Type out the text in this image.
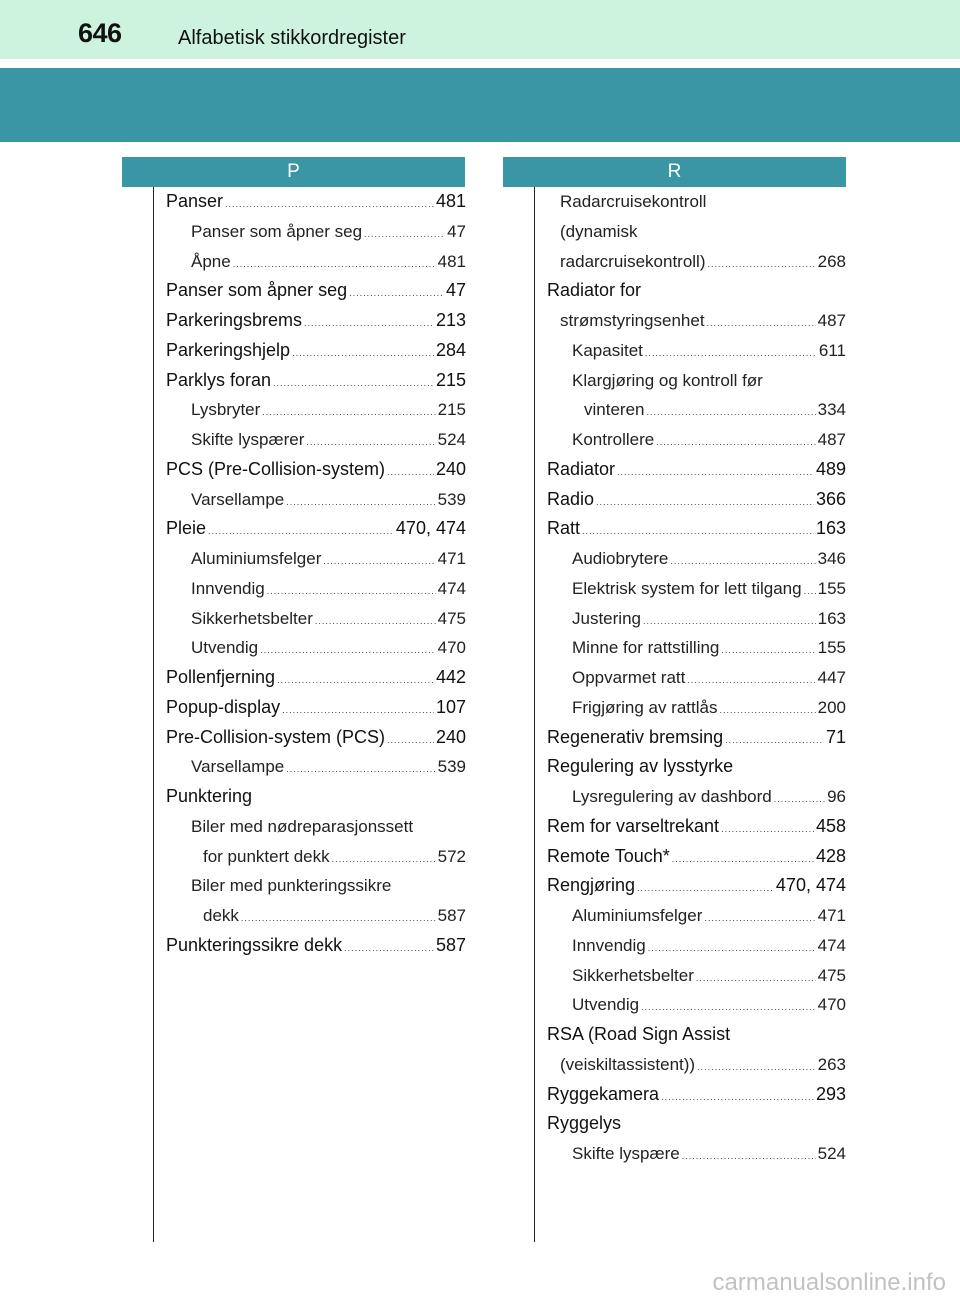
646	Alfabetisk stikkordregister
P	R
Panser .....	481
Panser som åpner seg .....	47
Åpne .....	481
Panser som åpner seg .....	47
Parkeringsbrems .....	213
Parkeringshjelp .....	284
Parklys foran .....	215
Lysbryter .....	215
Skifte lyspærer .....	524
PCS (Pre-Collision-system) .....	240
Varsellampe .....	539
Pleie .....	470, 474
Aluminiumsfelger .....	471
Innvendig .....	474
Sikkerhetsbelter .....	475
Utvendig .....	470
Pollenfjerning .....	442
Popup-display .....	107
Pre-Collision-system (PCS) .....	240
Varsellampe .....	539
Punktering
Biler med nødreparasjonssett
for punktert dekk .....	572
Biler med punkteringssikre
dekk .....	587
Punkteringssikre dekk .....	587
Radarcruisekontroll
(dynamisk
radarcruisekontroll) .....	268
Radiator for
strømstyringsenhet .....	487
Kapasitet .....	611
Klargjøring og kontroll før
vinteren .....	334
Kontrollere .....	487
Radiator .....	489
Radio .....	366
Ratt .....	163
Audiobrytere .....	346
Elektrisk system for lett tilgang ..... 155
Justering .....	163
Minne for rattstilling .....	155
Oppvarmet ratt .....	447
Frigjøring av rattlås .....	200
Regenerativ bremsing .....	71
Regulering av lysstyrke
Lysregulering av dashbord .....	96
Rem for varseltrekant .....	458
Remote Touch* .....	428
Rengjøring .....	470, 474
Aluminiumsfelger .....	471
Innvendig .....	474
Sikkerhetsbelter .....	475
Utvendig .....	470
RSA (Road Sign Assist
(veiskiltassistent)) .....	263
Ryggekamera .....	293
Ryggelys
Skifte lyspære .....	524
carmanualsonline.info
